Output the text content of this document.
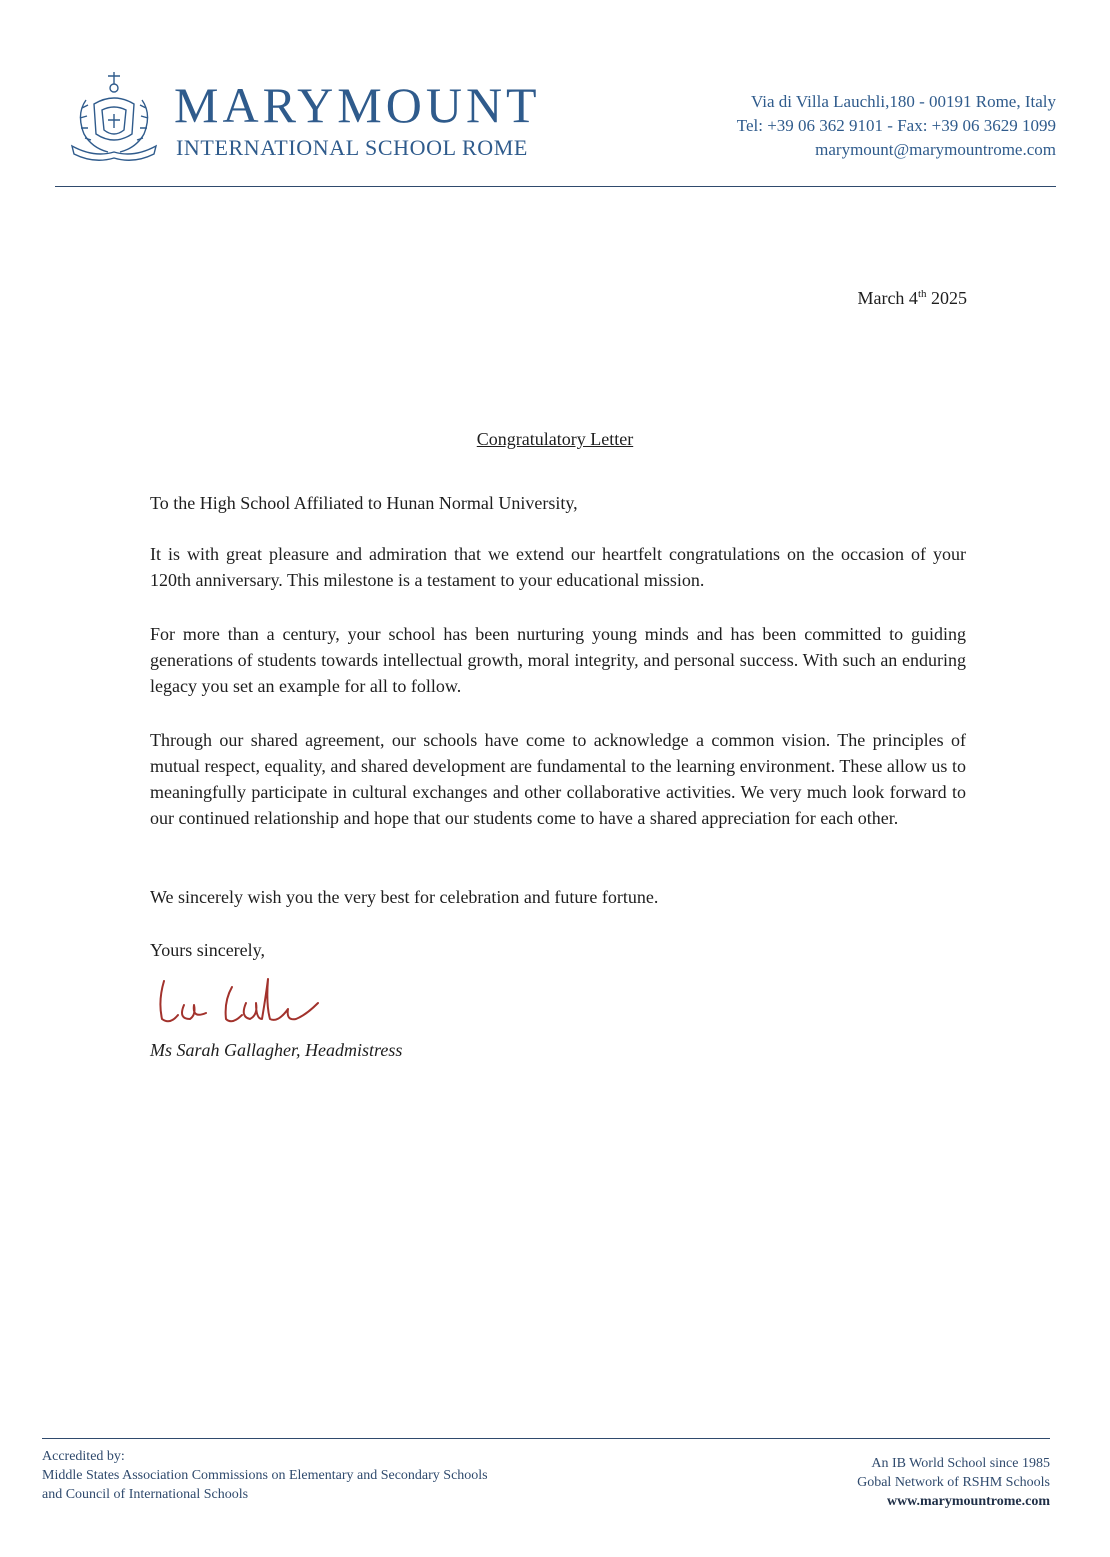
MARYMOUNT
INTERNATIONAL SCHOOL ROME
Via di Villa Lauchli,180 - 00191 Rome, Italy
Tel: +39 06 362 9101 - Fax: +39 06 3629 1099
marymount@marymountrome.com
March 4th 2025
Congratulatory Letter

To the High School Affiliated to Hunan Normal University,

It is with great pleasure and admiration that we extend our heartfelt congratulations on the occasion of your 120th anniversary. This milestone is a testament to your educational mission.

For more than a century, your school has been nurturing young minds and has been committed to guiding generations of students towards intellectual growth, moral integrity, and personal success. With such an enduring legacy you set an example for all to follow.

Through our shared agreement, our schools have come to acknowledge a common vision. The principles of mutual respect, equality, and shared development are fundamental to the learning environment. These allow us to meaningfully participate in cultural exchanges and other collaborative activities. We very much look forward to our continued relationship and hope that our students come to have a shared appreciation for each other.

We sincerely wish you the very best for celebration and future fortune.

Yours sincerely,

Ms Sarah Gallagher, Headmistress
Accredited by:
Middle States Association Commissions on Elementary and Secondary Schools
and Council of International Schools
An IB World School since 1985
Gobal Network of RSHM Schools
www.marymountrome.com
